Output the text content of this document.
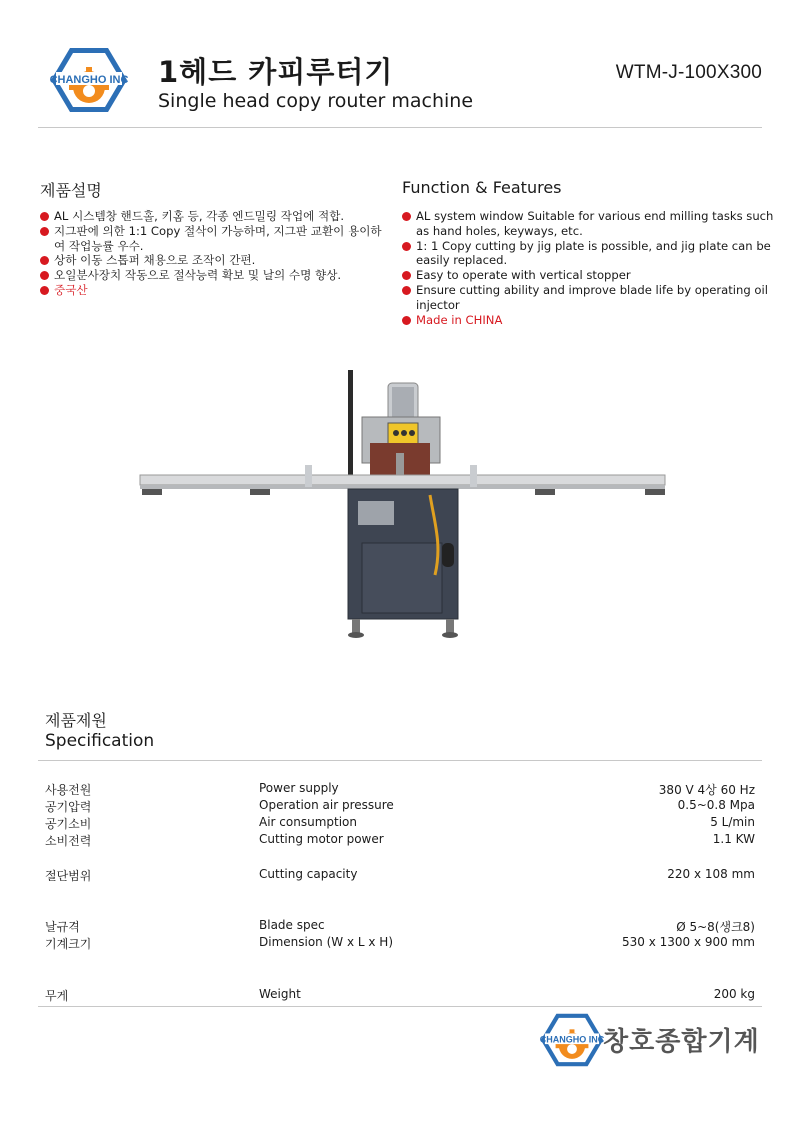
CHANGHO INC 1헤드 카피루터기
Single head copy router machine
WTM-J-100X300
제품설명
AL 시스템창 핸드홀, 키홈 등, 각종 엔드밀링 작업에 적합.
지그판에 의한 1:1 Copy 절삭이 가능하며, 지그판 교환이 용이하여 작업능률 우수.
상하 이동 스톱퍼 채용으로 조작이 간편.
오일분사장치 작동으로 절삭능력 확보 및 날의 수명 향상.
중국산
Function & Features
AL system window Suitable for various end milling tasks such as hand holes, keyways, etc.
1: 1 Copy cutting by jig plate is possible, and jig plate can be easily replaced.
Easy to operate with vertical stopper
Ensure cutting ability and improve blade life by operating oil injector
Made in CHINA
제품제원
Specification
사용전원	Power supply	380 V 4상 60 Hz
공기압력	Operation air pressure	0.5~0.8 Mpa
공기소비	Air consumption	5 L/min
소비전력	Cutting motor power	1.1 KW
절단범위	Cutting capacity	220 x 108 mm
날규격	Blade spec	Ø 5~8(생크8)
기계크기	Dimension (W x L x H)	530 x 1300 x 900 mm
무게	Weight	200 kg
CHANGHO INC
창호종합기계
